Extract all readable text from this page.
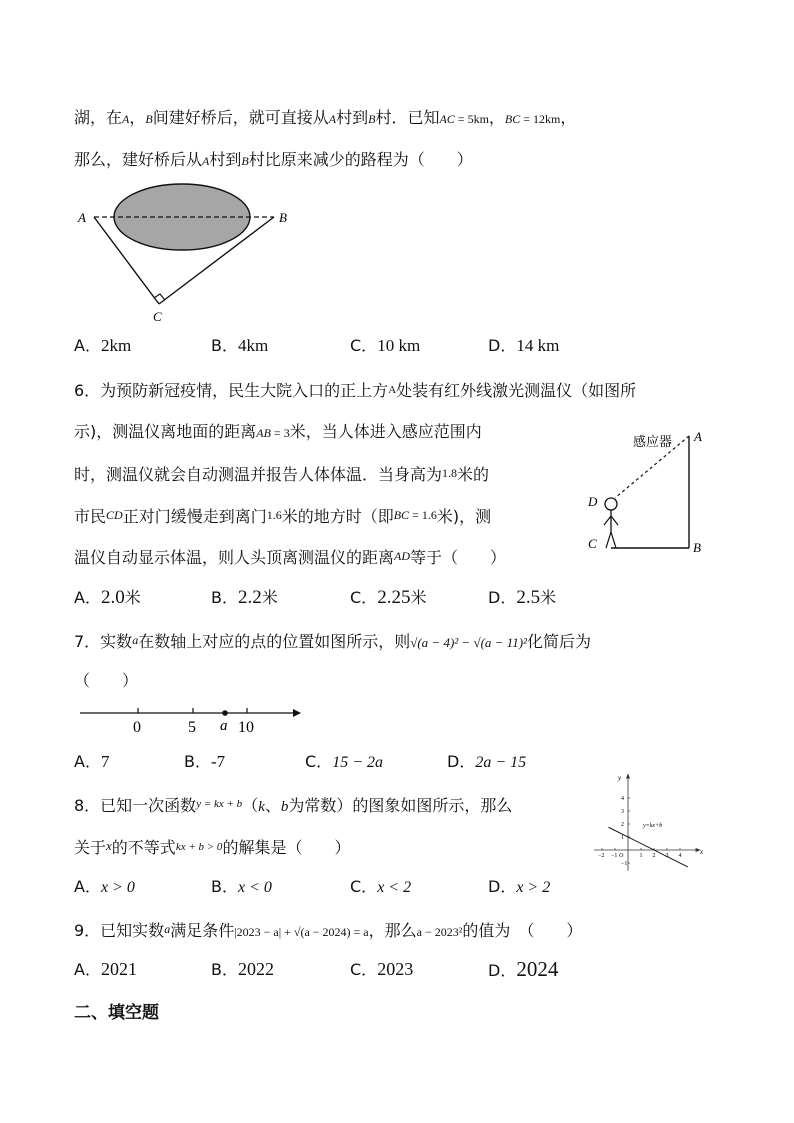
湖，在A，B间建好桥后，就可直接从A村到B村．已知AC = 5km，BC = 12km，
那么，建好桥后从A村到B村比原来减少的路程为（　　）
A	B
C
A．2km	B．4km	C．10 km	D．14 km
6．为预防新冠疫情，民生大院入口的正上方A处装有红外线激光测温仪（如图所
示)，测温仪离地面的距离AB = 3米，当人体进入感应范围内
时，测温仪就会自动测温并报告人体体温．当身高为1.8米的
市民CD正对门缓慢走到离门1.6米的地方时（即BC = 1.6米)，测
温仪自动显示体温，则人头顶离测温仪的距离AD等于（　　）
感应器 A
D
C	B
A．2.0米	B．2.2米	C．2.25米	D．2.5米
7．实数a在数轴上对应的点的位置如图所示，则√(a − 4)² − √(a − 11)²化简后为
（　　）
0	5 a 10
A．7	B．-7	C．15 − 2a	D．2a − 15
8．已知一次函数$^{y = kx + b}$（k、b为常数）的图象如图所示，那么
关于x的不等式kx + b > 0的解集是（　　）
y
x
O
y=kx+b
4
3
2
1
−1
−2 −1	1 2 3 4
A．x > 0	B．x < 0	C．x < 2	D．x > 2
9．已知实数a满足条件|2023 − a| + √(a − 2024) = a，那么a − 2023²的值为　（　　）
A．2021	B．2022	C．2023	D．2024
二、填空题
